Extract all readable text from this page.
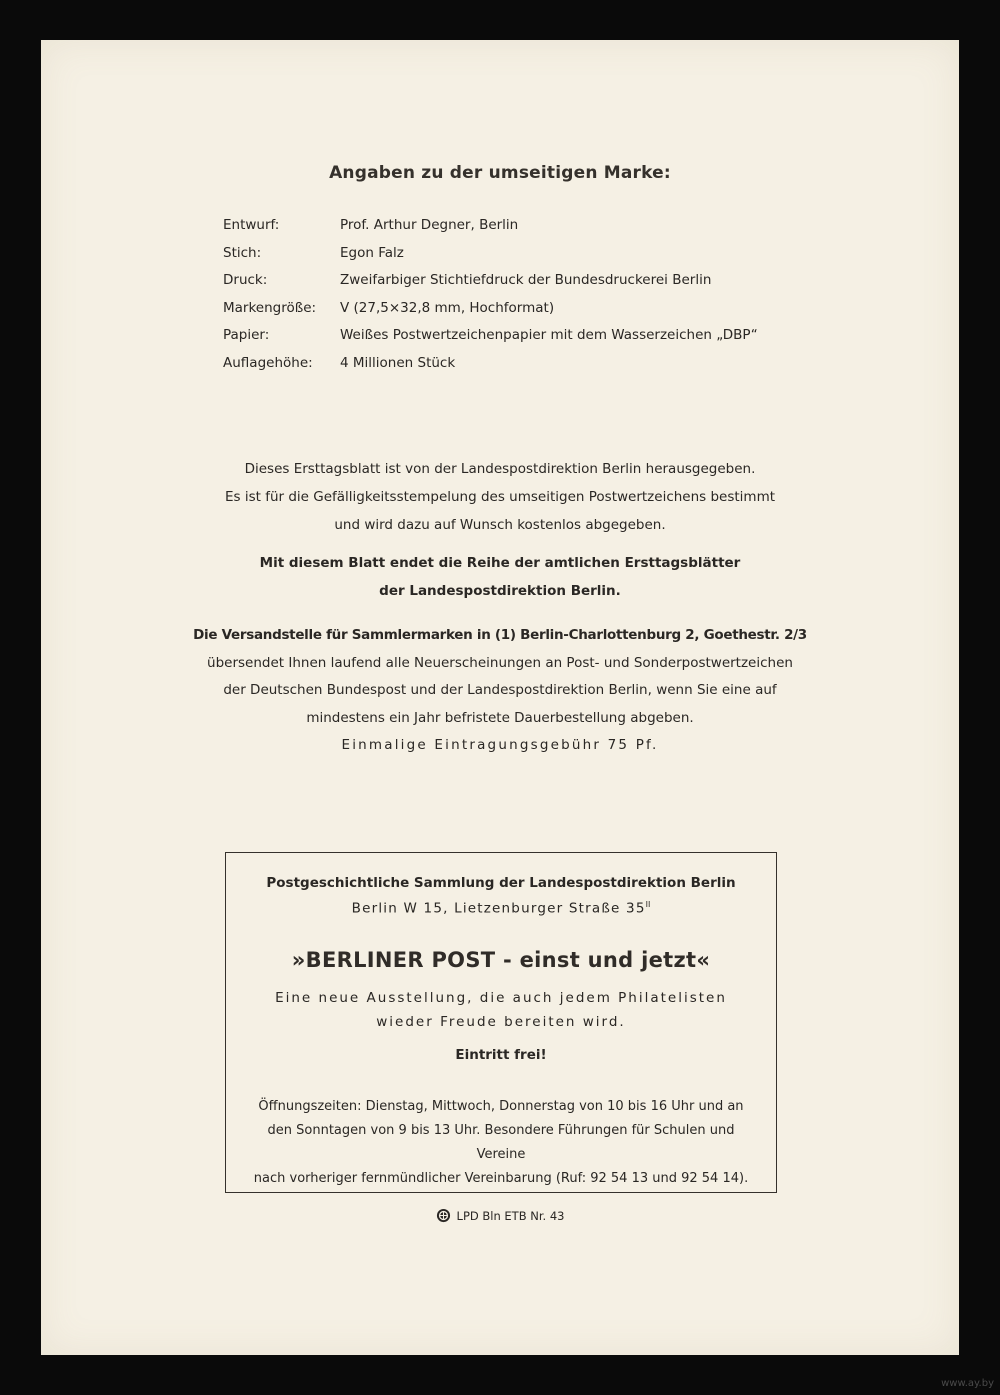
Angaben zu der umseitigen Marke:
Entwurf:	Prof. Arthur Degner, Berlin
Stich:	Egon Falz
Druck:	Zweifarbiger Stichtiefdruck der Bundesdruckerei Berlin
Markengröße: V (27,5×32,8 mm, Hochformat)
Papier:	Weißes Postwertzeichenpapier mit dem Wasserzeichen „DBP“
Auflagehöhe: 4 Millionen Stück
Dieses Ersttagsblatt ist von der Landespostdirektion Berlin herausgegeben.
Es ist für die Gefälligkeitsstempelung des umseitigen Postwertzeichens bestimmt
und wird dazu auf Wunsch kostenlos abgegeben.
Mit diesem Blatt endet die Reihe der amtlichen Ersttagsblätter
der Landespostdirektion Berlin.
Die Versandstelle für Sammlermarken in (1) Berlin-Charlottenburg 2, Goethestr. 2/3
übersendet Ihnen laufend alle Neuerscheinungen an Post- und Sonderpostwertzeichen
der Deutschen Bundespost und der Landespostdirektion Berlin, wenn Sie eine auf
mindestens ein Jahr befristete Dauerbestellung abgeben.
Einmalige Eintragungsgebühr 75 Pf.
Postgeschichtliche Sammlung der Landespostdirektion Berlin
Berlin W 15, Lietzenburger Straße $35^{II}$
»BERLINER POST - einst und jetzt«
Eine neue Ausstellung, die auch jedem Philatelisten
wieder Freude bereiten wird.
Eintritt frei!
Öffnungszeiten: Dienstag, Mittwoch, Donnerstag von 10 bis 16 Uhr und an
den Sonntagen von 9 bis 13 Uhr. Besondere Führungen für Schulen und Vereine
nach vorheriger fernmündlicher Vereinbarung (Ruf: 92 54 13 und 92 54 14).
LPD Bln ETB Nr. 43
www.ay.by
